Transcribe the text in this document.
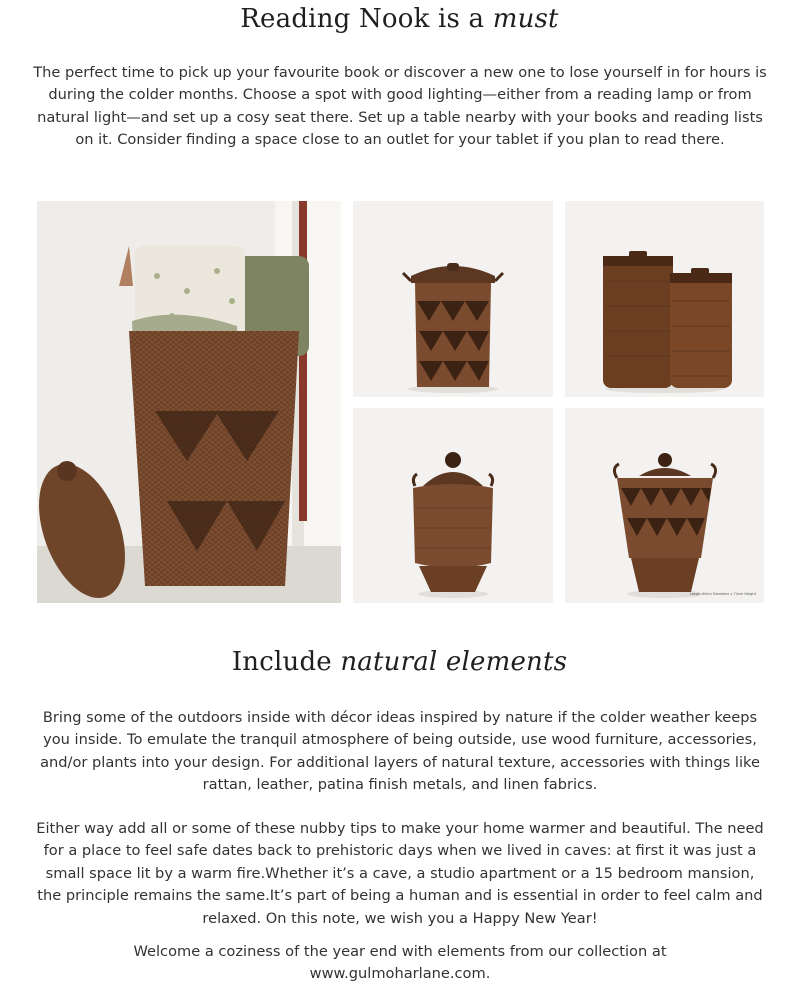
Reading Nook is a must

The perfect time to pick up your favourite book or discover a new one to lose yourself in for hours is during the colder months. Choose a spot with good lighting—either from a reading lamp or from natural light—and set up a cosy seat there. Set up a table nearby with your books and reading lists on it. Consider finding a space close to an outlet for your tablet if you plan to read there.

Large: 40cm Diameter x 74cm Height
Include natural elements

Bring some of the outdoors inside with décor ideas inspired by nature if the colder weather keeps you inside. To emulate the tranquil atmosphere of being outside, use wood furniture, accessories, and/or plants into your design. For additional layers of natural texture, accessories with things like rattan, leather, patina finish metals, and linen fabrics.

Either way add all or some of these nubby tips to make your home warmer and beautiful. The need for a place to feel safe dates back to prehistoric days when we lived in caves: at first it was just a small space lit by a warm fire.Whether it’s a cave, a studio apartment or a 15 bedroom mansion, the principle remains the same.It’s part of being a human and is essential in order to feel calm and relaxed. On this note, we wish you a Happy New Year!

Welcome a coziness of the year end with elements from our collection at
www.gulmoharlane.com.
